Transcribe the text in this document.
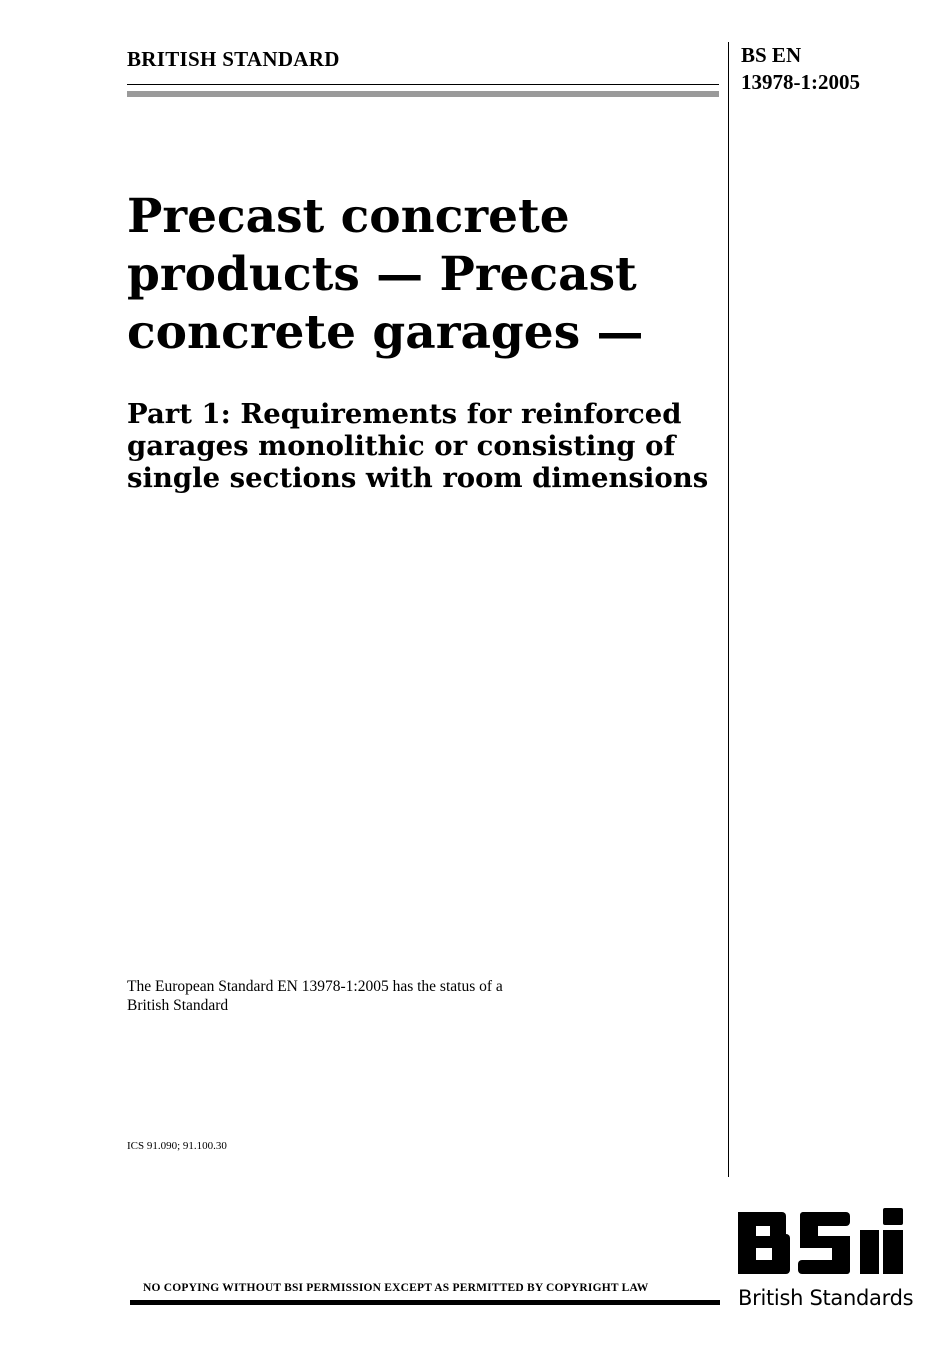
BRITISH STANDARD	BS EN
13978-1:2005
Precast concrete
products — Precast
concrete garages —
Part 1: Requirements for reinforced
garages monolithic or consisting of
single sections with room dimensions
The European Standard EN 13978-1:2005 has the status of a
British Standard
ICS 91.090; 91.100.30
NO COPYING WITHOUT BSI PERMISSION EXCEPT AS PERMITTED BY COPYRIGHT LAW	British Standards
